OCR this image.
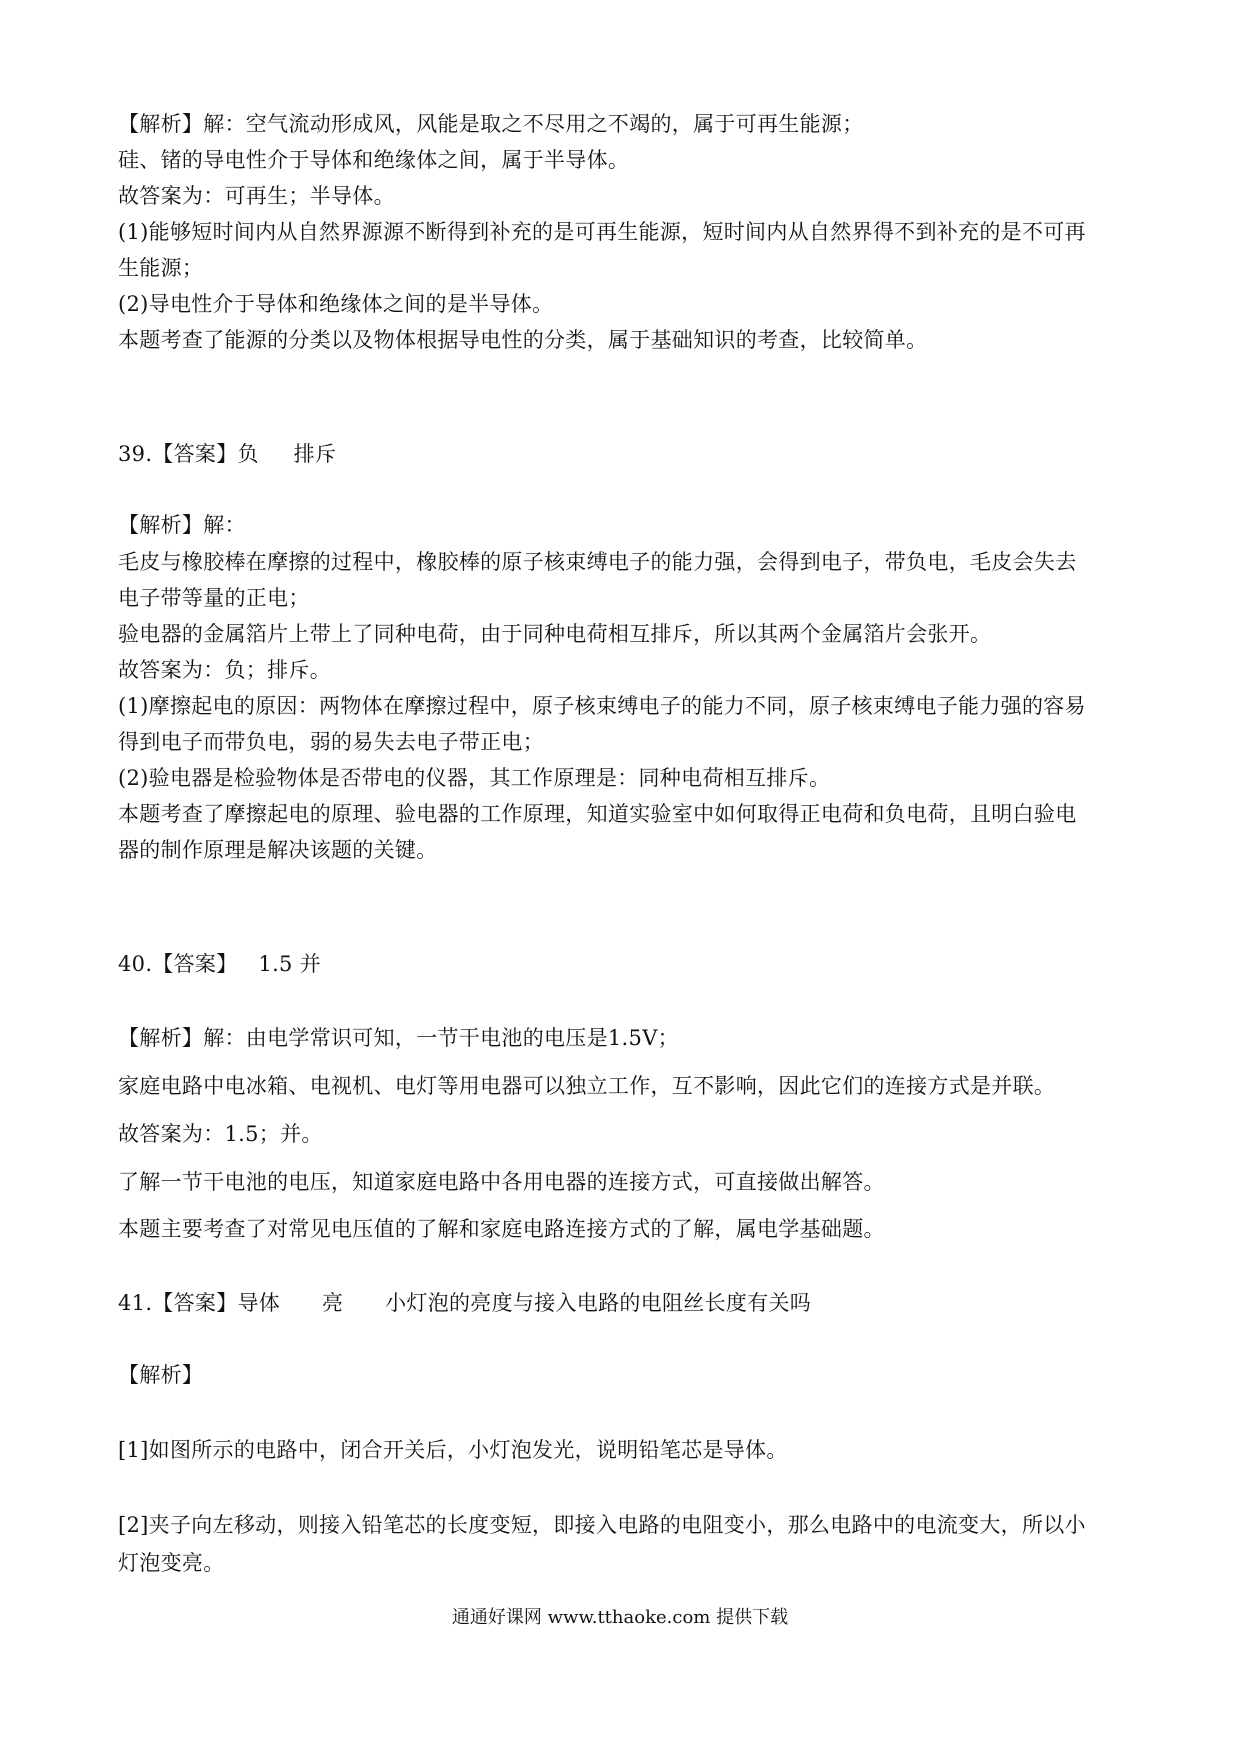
【解析】解：空气流动形成风，风能是取之不尽用之不竭的，属于可再生能源；
硅、锗的导电性介于导体和绝缘体之间，属于半导体。
故答案为：可再生；半导体。
(1)能够短时间内从自然界源源不断得到补充的是可再生能源，短时间内从自然界得不到补充的是不可再
生能源；
(2)导电性介于导体和绝缘体之间的是半导体。
本题考查了能源的分类以及物体根据导电性的分类，属于基础知识的考查，比较简单。
39.【答案】负     排斥
【解析】解：
毛皮与橡胶棒在摩擦的过程中，橡胶棒的原子核束缚电子的能力强，会得到电子，带负电，毛皮会失去
电子带等量的正电；
验电器的金属箔片上带上了同种电荷，由于同种电荷相互排斥，所以其两个金属箔片会张开。
故答案为：负；排斥。
(1)摩擦起电的原因：两物体在摩擦过程中，原子核束缚电子的能力不同，原子核束缚电子能力强的容易
得到电子而带负电，弱的易失去电子带正电；
(2)验电器是检验物体是否带电的仪器，其工作原理是：同种电荷相互排斥。
本题考查了摩擦起电的原理、验电器的工作原理，知道实验室中如何取得正电荷和负电荷，且明白验电
器的制作原理是解决该题的关键。
40.【答案】   1.5 并
【解析】解：由电学常识可知，一节干电池的电压是1.5V；
家庭电路中电冰箱、电视机、电灯等用电器可以独立工作，互不影响，因此它们的连接方式是并联。
故答案为：1.5；并。
了解一节干电池的电压，知道家庭电路中各用电器的连接方式，可直接做出解答。
本题主要考查了对常见电压值的了解和家庭电路连接方式的了解，属电学基础题。
41.【答案】导体      亮      小灯泡的亮度与接入电路的电阻丝长度有关吗
【解析】
[1]如图所示的电路中，闭合开关后，小灯泡发光，说明铅笔芯是导体。
[2]夹子向左移动，则接入铅笔芯的长度变短，即接入电路的电阻变小，那么电路中的电流变大，所以小
灯泡变亮。
通通好课网 www.tthaoke.com 提供下载
